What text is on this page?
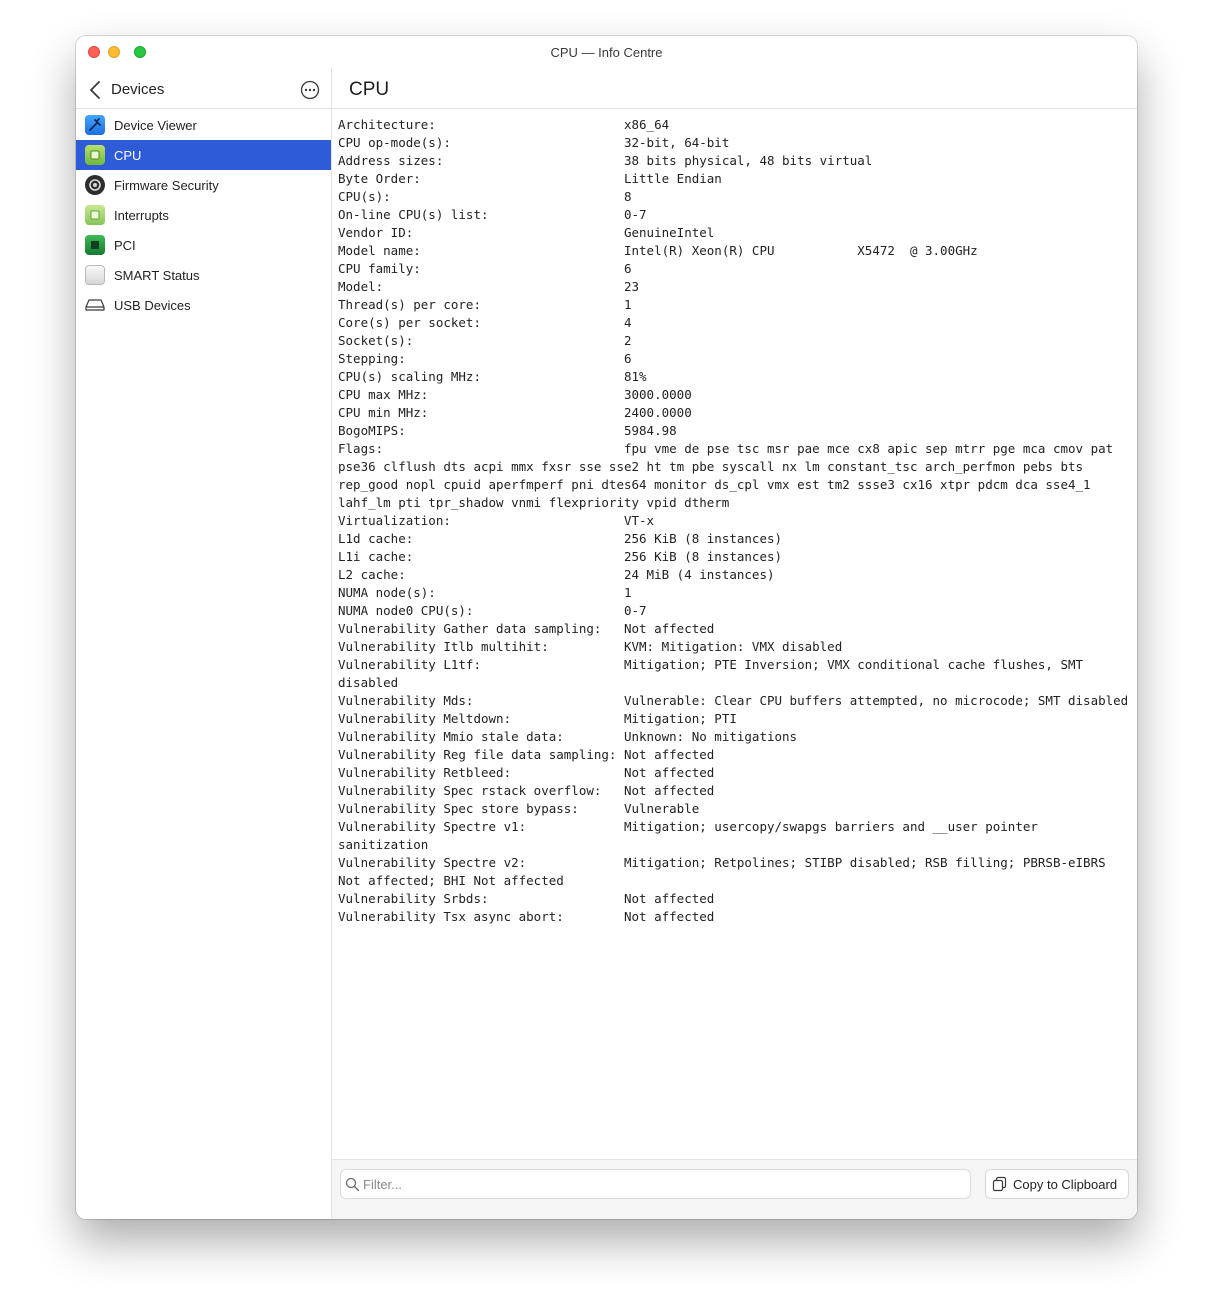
CPU — Info Centre
Devices
Device Viewer
CPU
Firmware Security
Interrupts
PCI
SMART Status
USB Devices
CPU
Architecture:                         x86_64
CPU op-mode(s):                       32-bit, 64-bit
Address sizes:                        38 bits physical, 48 bits virtual
Byte Order:                           Little Endian
CPU(s):                               8
On-line CPU(s) list:                  0-7
Vendor ID:                            GenuineIntel
Model name:                           Intel(R) Xeon(R) CPU           X5472  @ 3.00GHz
CPU family:                           6
Model:                                23
Thread(s) per core:                   1
Core(s) per socket:                   4
Socket(s):                            2
Stepping:                             6
CPU(s) scaling MHz:                   81%
CPU max MHz:                          3000.0000
CPU min MHz:                          2400.0000
BogoMIPS:                             5984.98
Flags:                                fpu vme de pse tsc msr pae mce cx8 apic sep mtrr pge mca cmov pat pse36 clflush dts acpi mmx fxsr sse sse2 ht tm pbe syscall nx lm constant_tsc arch_perfmon pebs bts rep_good nopl cpuid aperfmperf pni dtes64 monitor ds_cpl vmx est tm2 ssse3 cx16 xtpr pdcm dca sse4_1 lahf_lm pti tpr_shadow vnmi flexpriority vpid dtherm
Virtualization:                       VT-x
L1d cache:                            256 KiB (8 instances)
L1i cache:                            256 KiB (8 instances)
L2 cache:                             24 MiB (4 instances)
NUMA node(s):                         1
NUMA node0 CPU(s):                    0-7
Vulnerability Gather data sampling:   Not affected
Vulnerability Itlb multihit:          KVM: Mitigation: VMX disabled
Vulnerability L1tf:                   Mitigation; PTE Inversion; VMX conditional cache flushes, SMT disabled
Vulnerability Mds:                    Vulnerable: Clear CPU buffers attempted, no microcode; SMT disabled
Vulnerability Meltdown:               Mitigation; PTI
Vulnerability Mmio stale data:        Unknown: No mitigations
Vulnerability Reg file data sampling: Not affected
Vulnerability Retbleed:               Not affected
Vulnerability Spec rstack overflow:   Not affected
Vulnerability Spec store bypass:      Vulnerable
Vulnerability Spectre v1:             Mitigation; usercopy/swapgs barriers and __user pointer sanitization
Vulnerability Spectre v2:             Mitigation; Retpolines; STIBP disabled; RSB filling; PBRSB-eIBRS Not affected; BHI Not affected
Vulnerability Srbds:                  Not affected
Vulnerability Tsx async abort:        Not affected
Filter...
Copy to Clipboard
